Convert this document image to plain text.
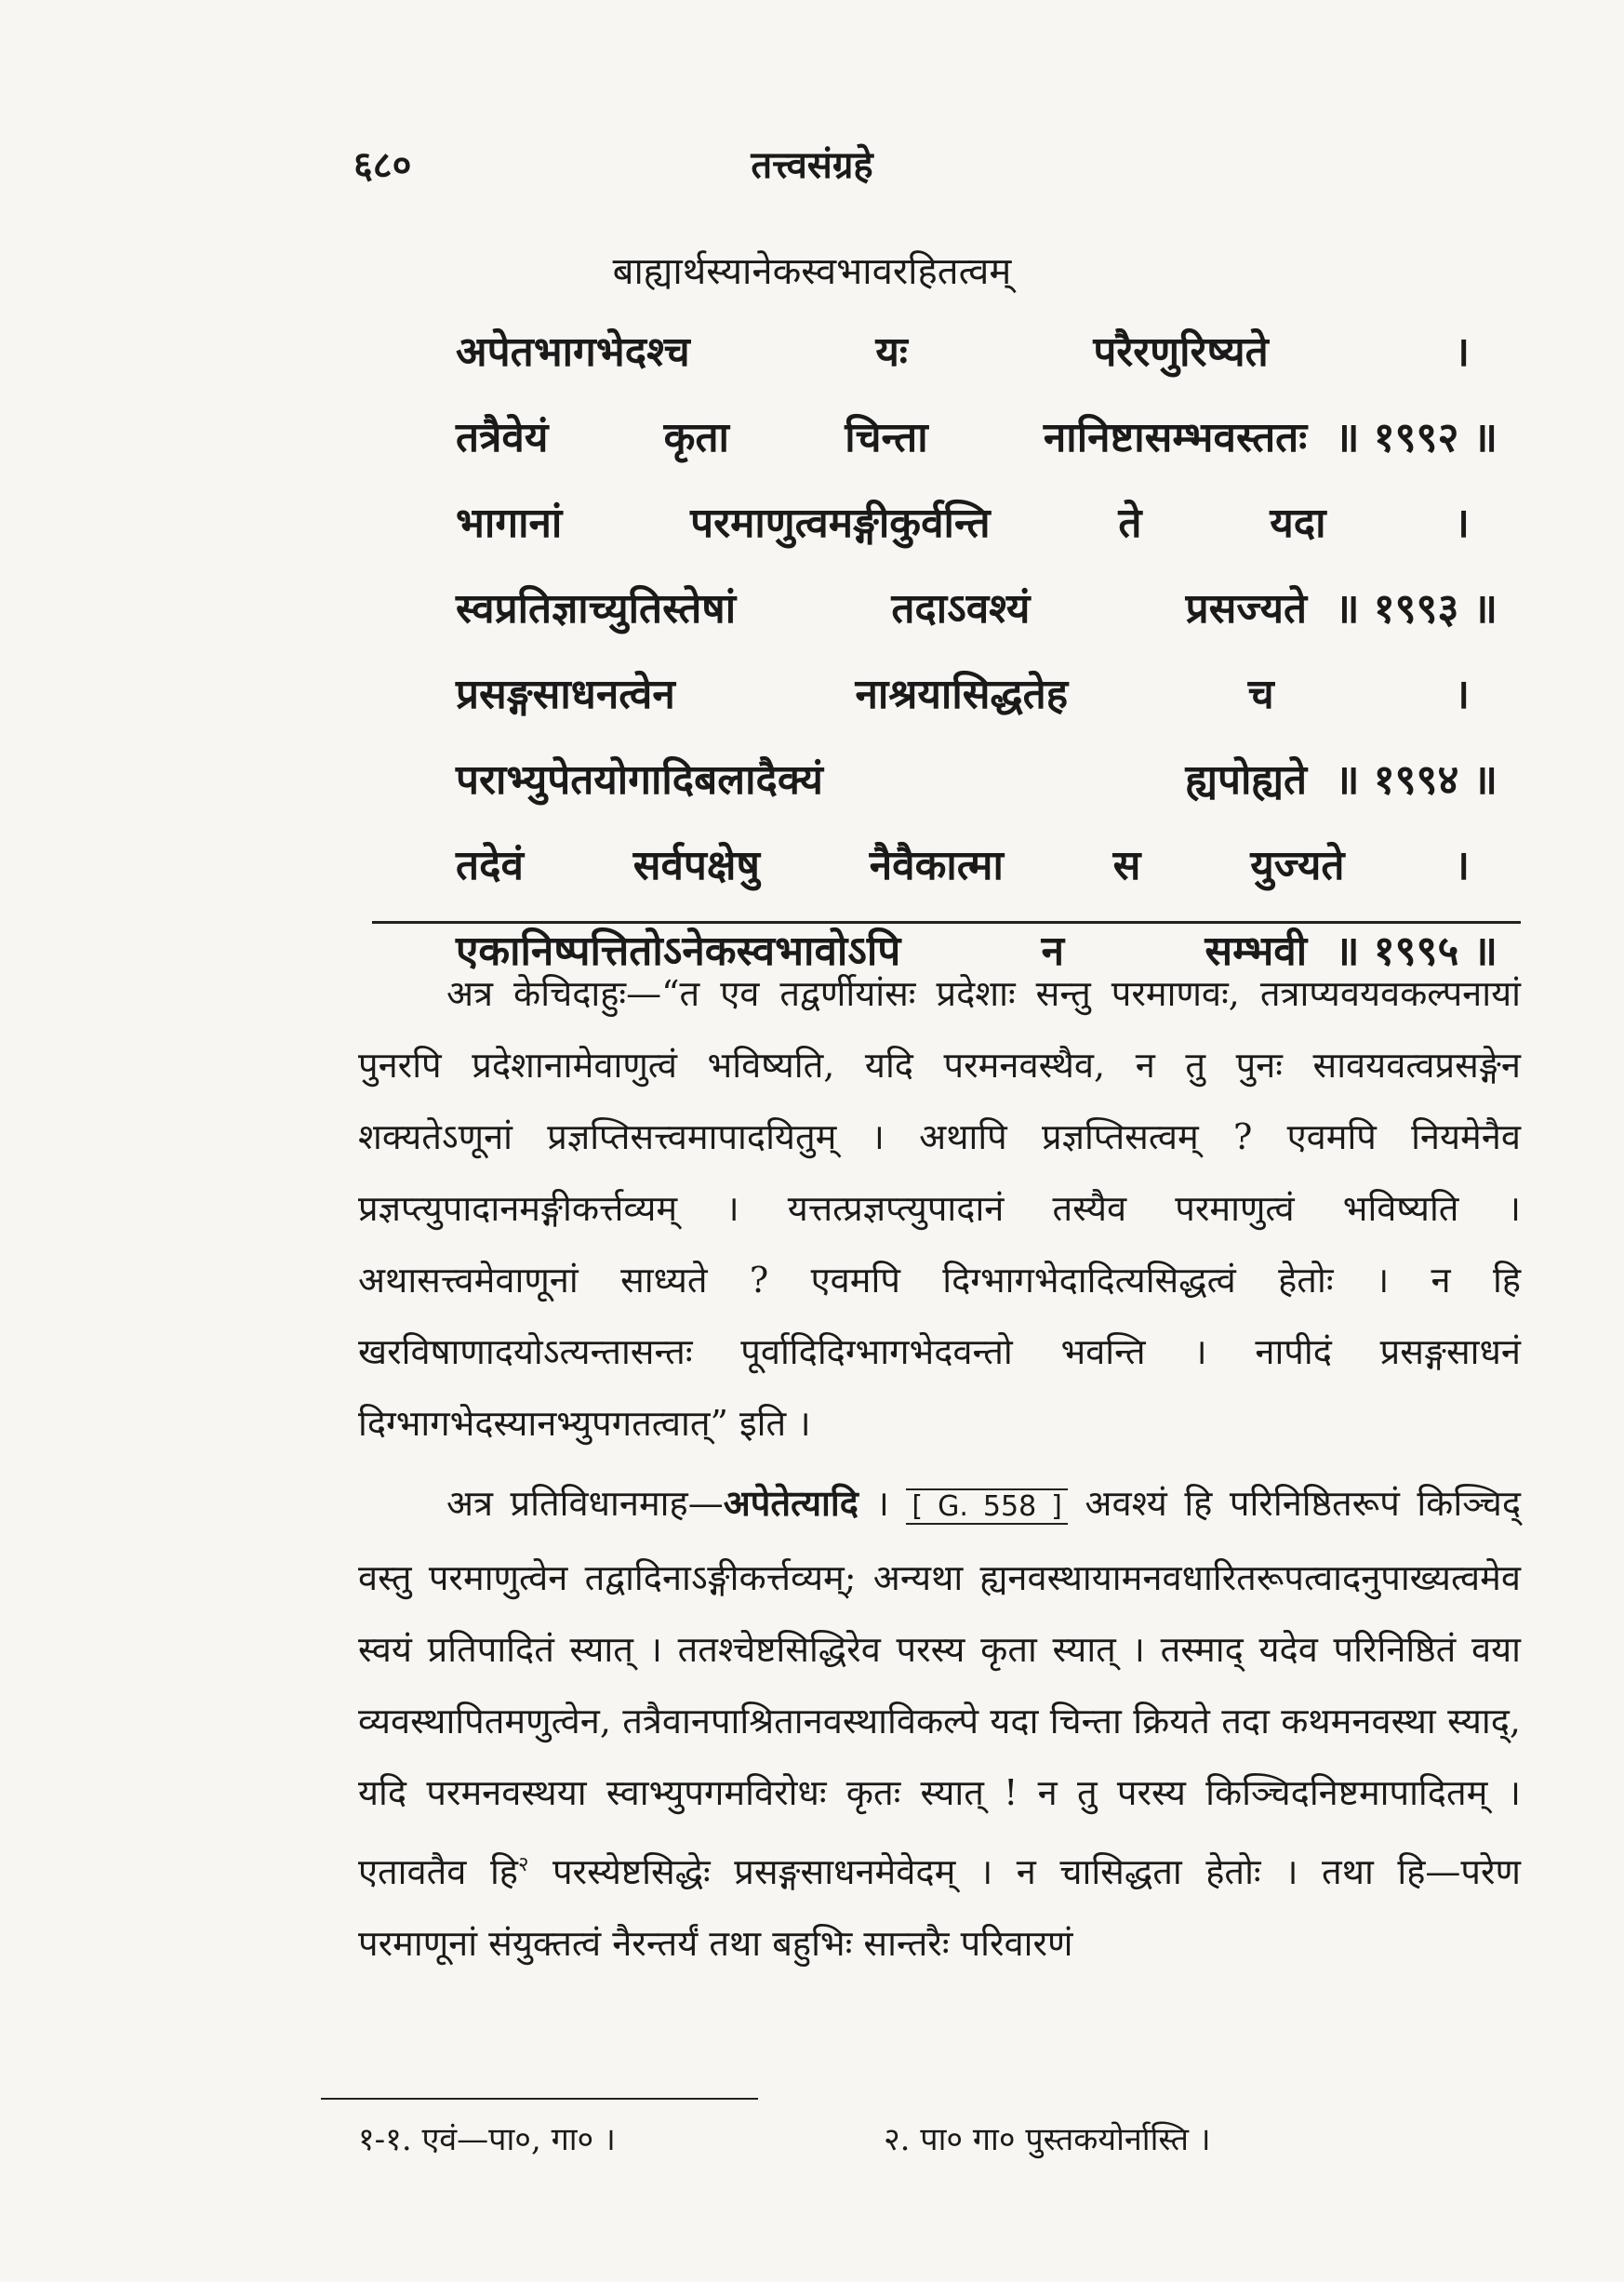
६८०	तत्त्वसंग्रहे
बाह्यार्थस्यानेकस्वभावरहितत्वम्
अपेतभागभेदश्च यः परैरणुरिष्यते ।
तत्रैवेयं कृता चिन्ता नानिष्टासम्भवस्ततः ॥ १९९२ ॥
भागानां परमाणुत्वमङ्गीकुर्वन्ति ते यदा ।
स्वप्रतिज्ञाच्युतिस्तेषां तदाऽवश्यं प्रसज्यते ॥ १९९३ ॥
प्रसङ्गसाधनत्वेन नाश्रयासिद्धतेह च ।
पराभ्युपेतयोगादिबलादैक्यं ह्यपोह्यते ॥ १९९४ ॥
तदेवं सर्वपक्षेषु नैवैकात्मा स युज्यते ।
एकानिष्पत्तितोऽनेकस्वभावोऽपि न सम्भवी ॥ १९९५ ॥

अत्र केचिदाहुः—“त एव तद्वर्णीयांसः प्रदेशाः सन्तु परमाणवः, तत्राप्यवयवकल्पनायां पुनरपि प्रदेशानामेवाणुत्वं भविष्यति, यदि परमनवस्थैव, न तु पुनः सावयवत्वप्रसङ्गेन शक्यतेऽणूनां प्रज्ञप्तिसत्त्वमापादयितुम् । अथापि प्रज्ञप्तिसत्वम् ? एवमपि नियमेनैव प्रज्ञप्त्युपादानमङ्गीकर्त्तव्यम् । यत्तत्प्रज्ञप्त्युपादानं तस्यैव परमाणुत्वं भविष्यति । अथासत्त्वमेवाणूनां साध्यते ? एवमपि दिग्भागभेदादित्यसिद्धत्वं हेतोः । न हि खरविषाणादयोऽत्यन्तासन्तः पूर्वादिदिग्भागभेदवन्तो भवन्ति । नापीदं प्रसङ्गसाधनं दिग्भागभेदस्यानभ्युपगतत्वात्” इति ।

अत्र प्रतिविधानमाह—अपेतेत्यादि । [ G. 558 ] अवश्यं हि परिनिष्ठितरूपं किञ्चिद् वस्तु परमाणुत्वेन तद्वादिनाऽङ्गीकर्त्तव्यम्; अन्यथा ह्यनवस्थायामनवधारितरूपत्वादनुपाख्यत्वमेव स्वयं प्रतिपादितं स्यात् । ततश्चेष्टसिद्धिरेव परस्य कृता स्यात् । तस्माद् यदेव परिनिष्ठितं वया व्यवस्थापितमणुत्वेन, तत्रैवानपाश्रितानवस्थाविकल्पे यदा चिन्ता क्रियते तदा कथमनवस्था स्याद्, यदि परमनवस्थया स्वाभ्युपगमविरोधः कृतः स्यात् ! न तु परस्य किञ्चिदनिष्टमापादितम् । एतावतैव हि$^२$ परस्येष्टसिद्धेः प्रसङ्गसाधनमेवेदम् । न चासिद्धता हेतोः । तथा हि—परेण परमाणूनां संयुक्तत्वं नैरन्तर्यं तथा बहुभिः सान्तरैः परिवारणं

१-१. एवं—पा०, गा० ।	२. पा० गा० पुस्तकयोर्नास्ति ।
